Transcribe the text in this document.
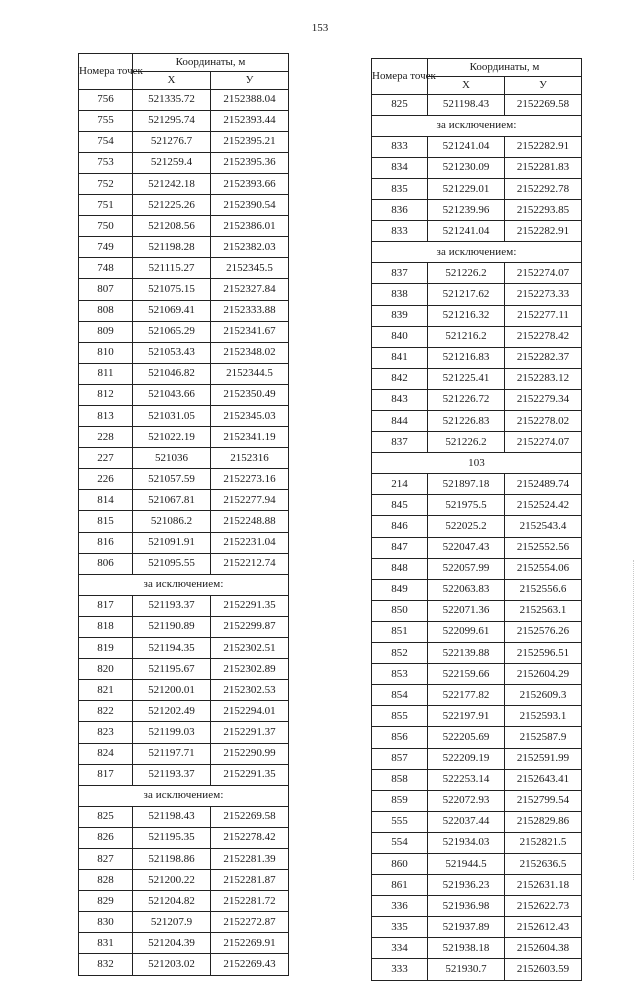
153
Номера точек	Координаты, м	
	X	У
756	521335.72	2152388.04
755	521295.74	2152393.44
754	521276.7	2152395.21
753	521259.4	2152395.36
752	521242.18	2152393.66
751	521225.26	2152390.54
750	521208.56	2152386.01
749	521198.28	2152382.03
748	521115.27	2152345.5
807	521075.15	2152327.84
808	521069.41	2152333.88
809	521065.29	2152341.67
810	521053.43	2152348.02
811	521046.82	2152344.5
812	521043.66	2152350.49
813	521031.05	2152345.03
228	521022.19	2152341.19
227	521036	2152316
226	521057.59	2152273.16
814	521067.81	2152277.94
815	521086.2	2152248.88
816	521091.91	2152231.04
806	521095.55	2152212.74
за исключением:		
817	521193.37	2152291.35
818	521190.89	2152299.87
819	521194.35	2152302.51
820	521195.67	2152302.89
821	521200.01	2152302.53
822	521202.49	2152294.01
823	521199.03	2152291.37
824	521197.71	2152290.99
817	521193.37	2152291.35
за исключением:		
825	521198.43	2152269.58
826	521195.35	2152278.42
827	521198.86	2152281.39
828	521200.22	2152281.87
829	521204.82	2152281.72
830	521207.9	2152272.87
831	521204.39	2152269.91
832	521203.02	2152269.43
Номера точек	Координаты, м	
	X	У
825	521198.43	2152269.58
за исключением:		
833	521241.04	2152282.91
834	521230.09	2152281.83
835	521229.01	2152292.78
836	521239.96	2152293.85
833	521241.04	2152282.91
за исключением:		
837	521226.2	2152274.07
838	521217.62	2152273.33
839	521216.32	2152277.11
840	521216.2	2152278.42
841	521216.83	2152282.37
842	521225.41	2152283.12
843	521226.72	2152279.34
844	521226.83	2152278.02
837	521226.2	2152274.07
103		
214	521897.18	2152489.74
845	521975.5	2152524.42
846	522025.2	2152543.4
847	522047.43	2152552.56
848	522057.99	2152554.06
849	522063.83	2152556.6
850	522071.36	2152563.1
851	522099.61	2152576.26
852	522139.88	2152596.51
853	522159.66	2152604.29
854	522177.82	2152609.3
855	522197.91	2152593.1
856	522205.69	2152587.9
857	522209.19	2152591.99
858	522253.14	2152643.41
859	522072.93	2152799.54
555	522037.44	2152829.86
554	521934.03	2152821.5
860	521944.5	2152636.5
861	521936.23	2152631.18
336	521936.98	2152622.73
335	521937.89	2152612.43
334	521938.18	2152604.38
333	521930.7	2152603.59
